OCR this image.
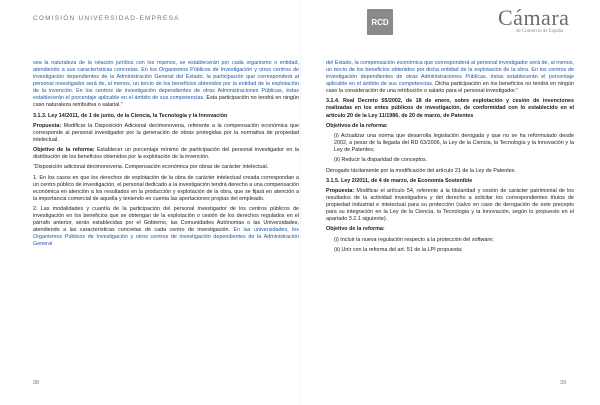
COMISIÓN UNIVERSIDAD-EMPRESA	RCD	Cámara
de Comercio de España

sea la naturaleza de la relación jurídica con los mismos, se establecerán por cada organismo o entidad, atendiendo a sus características concretas. En los Organismos Públicos de Investigación y otros centros de investigación dependientes de la Administración General del Estado, la participación que corresponderá al personal investigador será de, al menos, un tercio de los beneficios obtenidos por la entidad de la explotación de la invención. En los centros de investigación dependientes de otras Administraciones Públicas, éstas establecerán el porcentaje aplicable en el ámbito de sus competencias. Esta participación no tendrá en ningún caso naturaleza retributiva o salarial.”

3.1.3. Ley 14/2011, de 1 de junio, de la Ciencia, la Tecnología y la Innovación

Propuesta: Modificar la Disposición Adicional decimonovena, referente a la compensación económica que corresponde al personal investigador por la generación de obras protegidas por la normativa de propiedad intelectual.

Objetivo de la reforma: Establecer un porcentaje mínimo de participación del personal investigador en la distribución de los beneficios obtenidos por la explotación de la invención.

“Disposición adicional decimonovena. Compensación económica por obras de carácter intelectual.

1. En los casos en que los derechos de explotación de la obra de carácter intelectual creada correspondan a un centro público de investigación, el personal dedicado a la investigación tendrá derecho a una compensación económica en atención a los resultados en la producción y explotación de la obra, que se fijará en atención a la importancia comercial de aquella y teniendo en cuenta las aportaciones propias del empleado.

2. Las modalidades y cuantía de la participación del personal investigador de los centros públicos de investigación en los beneficios que se obtengan de la explotación o cesión de los derechos regulados en el párrafo anterior, serán establecidas por el Gobierno, las Comunidades Autónomas o las Universidades, atendiendo a las características concretas de cada centro de investigación. En las universidades, los Organismos Públicos de Investigación y otros centros de investigación dependientes de la Administración General

del Estado, la compensación económica que corresponderá al personal investigador será de, al menos, un tercio de los beneficios obtenidos por dicha entidad de la explotación de la obra. En los centros de investigación dependientes de otras Administraciones Públicas, éstas establecerán el porcentaje aplicable en el ámbito de sus competencias. Dicha participación en los beneficios no tendrá en ningún caso la consideración de una retribución o salario para el personal investigador.”

3.1.4. Real Decreto 55/2002, de 18 de enero, sobre explotación y cesión de invenciones realizadas en los entes públicos de investigación, de conformidad con lo establecido en el artículo 20 de la Ley 11/1986, de 20 de marzo, de Patentes

Objetivos de la reforma:

(i) Actualizar una norma que desarrolla legislación derogada y que no se ha reformulado desde 2002, a pesar de la llegada del RD 63/2006, la Ley de la Ciencia, la Tecnología y la Innovación y la Ley de Patentes;

(ii) Reducir la disparidad de conceptos.

Derogado tácitamente por la modificación del artículo 21 de la Ley de Patentes.

3.1.5. Ley 2/2011, de 4 de marzo, de Economía Sostenible

Propuesta: Modificar el artículo 54, referente a la titularidad y cesión de carácter patrimonial de los resultados de la actividad investigadora y del derecho a solicitar los correspondientes títulos de propiedad industrial e intelectual para su protección (salvo en caso de derogación de este precepto para su integración en la Ley de la Ciencia, la Tecnología y la Innovación, según lo propuesto en el apartado 3.2.1 siguiente).

Objetivo de la reforma:

(i) Incluir la nueva regulación respecto a la protección del software;

(ii) Unir con la reforma del art. 51 de la LPI propuesta;

38	39
